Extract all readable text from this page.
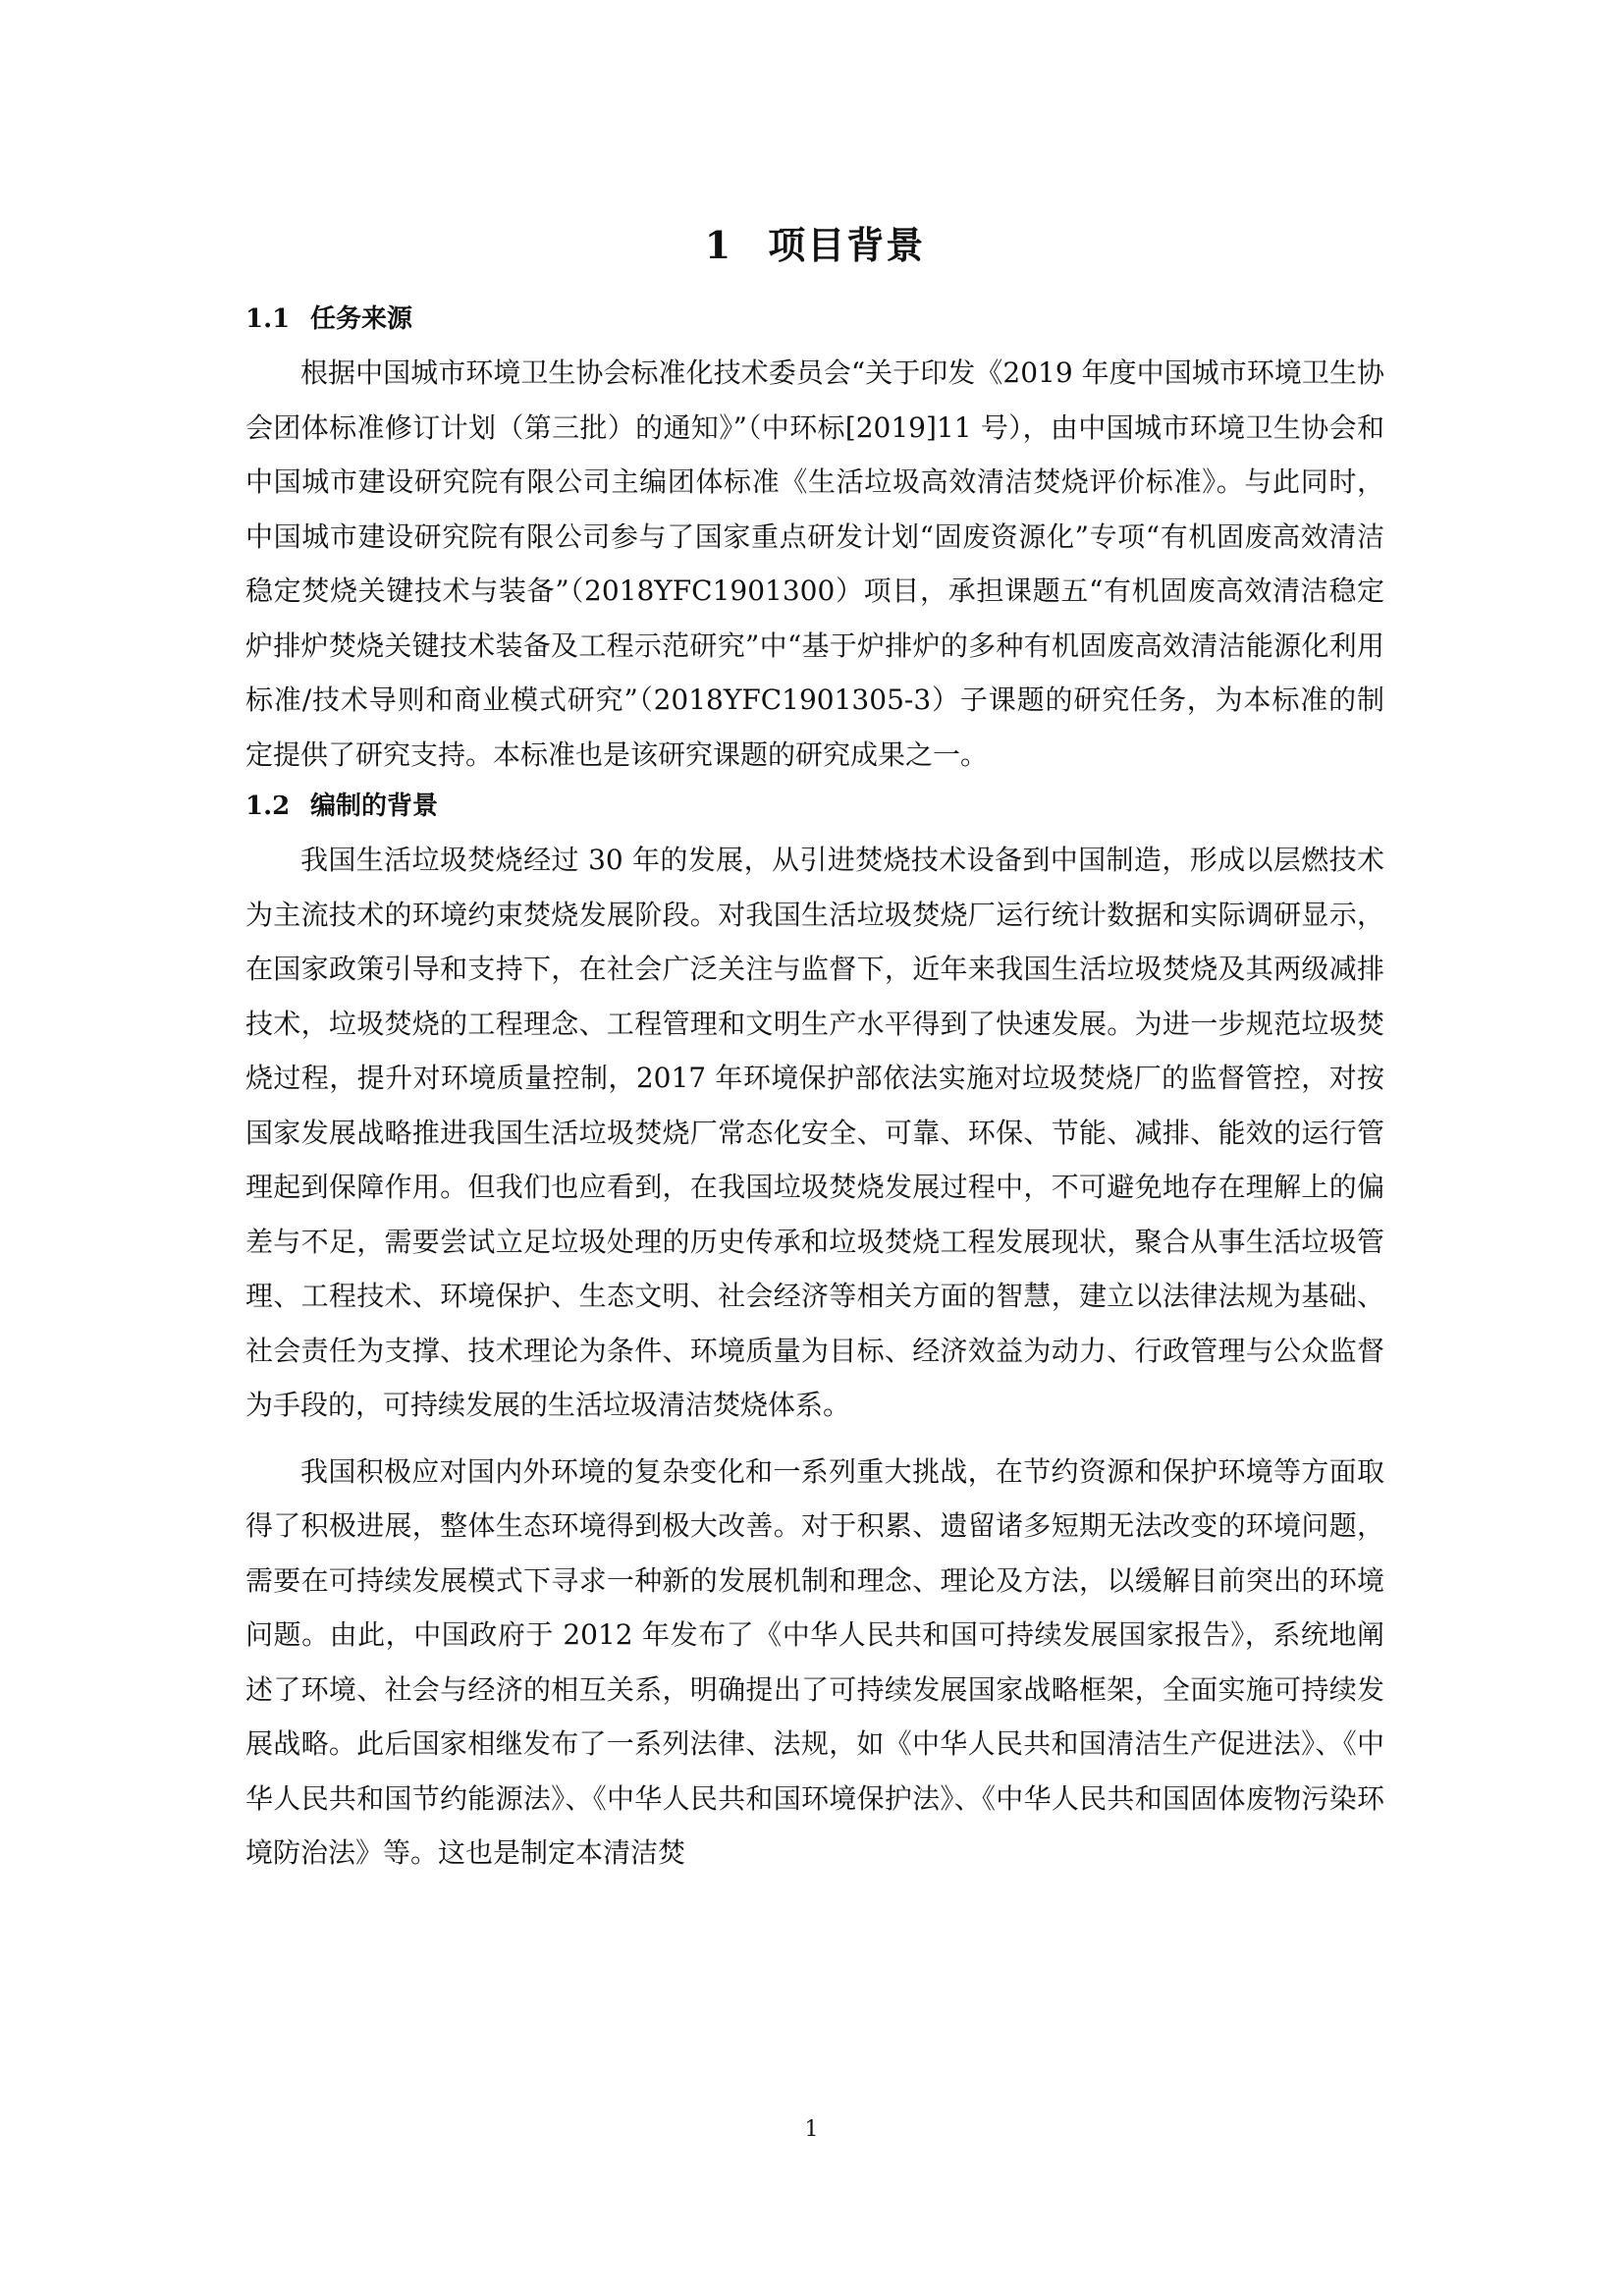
1 项目背景
1.1 任务来源

根据中国城市环境卫生协会标准化技术委员会“关于印发《2019 年度中国城市环境卫生协会团体标准修订计划（第三批）的通知》”（中环标[2019]11 号），由中国城市环境卫生协会和中国城市建设研究院有限公司主编团体标准《生活垃圾高效清洁焚烧评价标准》。与此同时，中国城市建设研究院有限公司参与了国家重点研发计划“固废资源化”专项“有机固废高效清洁稳定焚烧关键技术与装备”（2018YFC1901300）项目，承担课题五“有机固废高效清洁稳定炉排炉焚烧关键技术装备及工程示范研究”中“基于炉排炉的多种有机固废高效清洁能源化利用标准/技术导则和商业模式研究”（2018YFC1901305-3）子课题的研究任务，为本标准的制定提供了研究支持。本标准也是该研究课题的研究成果之一。

1.2 编制的背景

我国生活垃圾焚烧经过 30 年的发展，从引进焚烧技术设备到中国制造，形成以层燃技术为主流技术的环境约束焚烧发展阶段。对我国生活垃圾焚烧厂运行统计数据和实际调研显示，在国家政策引导和支持下，在社会广泛关注与监督下，近年来我国生活垃圾焚烧及其两级减排技术，垃圾焚烧的工程理念、工程管理和文明生产水平得到了快速发展。为进一步规范垃圾焚烧过程，提升对环境质量控制，2017 年环境保护部依法实施对垃圾焚烧厂的监督管控，对按国家发展战略推进我国生活垃圾焚烧厂常态化安全、可靠、环保、节能、减排、能效的运行管理起到保障作用。但我们也应看到，在我国垃圾焚烧发展过程中，不可避免地存在理解上的偏差与不足，需要尝试立足垃圾处理的历史传承和垃圾焚烧工程发展现状，聚合从事生活垃圾管理、工程技术、环境保护、生态文明、社会经济等相关方面的智慧，建立以法律法规为基础、社会责任为支撑、技术理论为条件、环境质量为目标、经济效益为动力、行政管理与公众监督为手段的，可持续发展的生活垃圾清洁焚烧体系。

我国积极应对国内外环境的复杂变化和一系列重大挑战，在节约资源和保护环境等方面取得了积极进展，整体生态环境得到极大改善。对于积累、遗留诸多短期无法改变的环境问题，需要在可持续发展模式下寻求一种新的发展机制和理念、理论及方法，以缓解目前突出的环境问题。由此，中国政府于 2012 年发布了《中华人民共和国可持续发展国家报告》，系统地阐述了环境、社会与经济的相互关系，明确提出了可持续发展国家战略框架，全面实施可持续发展战略。此后国家相继发布了一系列法律、法规，如《中华人民共和国清洁生产促进法》、《中华人民共和国节约能源法》、《中华人民共和国环境保护法》、《中华人民共和国固体废物污染环境防治法》等。这也是制定本清洁焚

1
